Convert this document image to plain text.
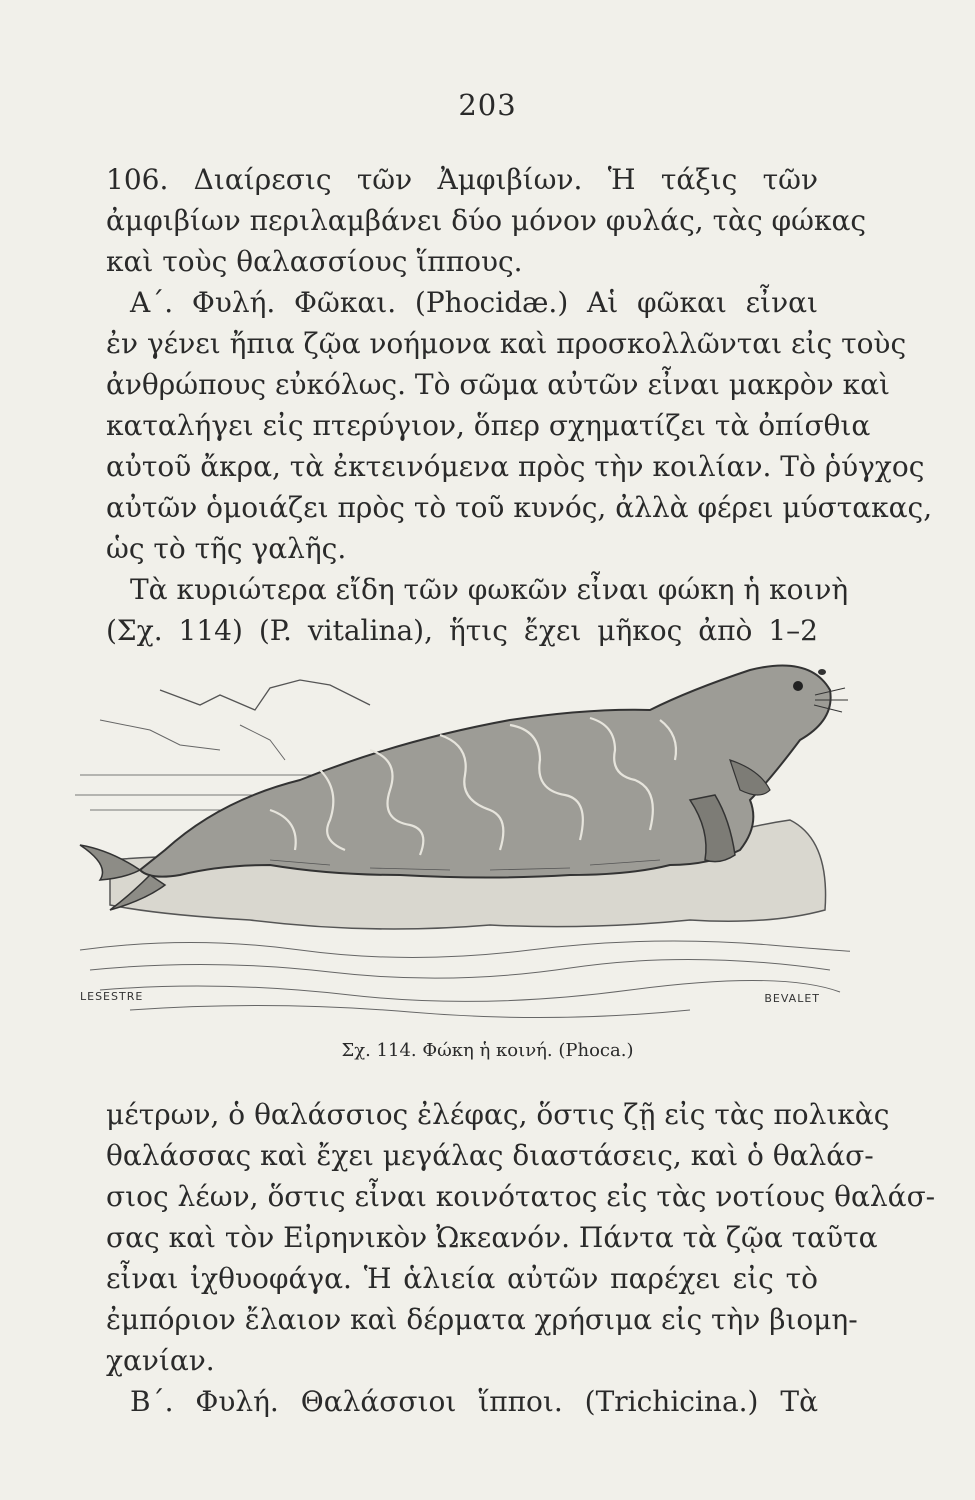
203
106. Διαίρεσις τῶν Ἀμφιβίων. Ἡ τάξις τῶν
ἀμφιβίων περιλαμβάνει δύο μόνον φυλάς, τὰς φώκας
καὶ τοὺς θαλασσίους ἵππους.
Α΄. Φυλή. Φῶκαι. (Phocidæ.) Αἱ φῶκαι εἶναι
ἐν γένει ἤπια ζῷα νοήμονα καὶ προσκολλῶνται εἰς τοὺς
ἀνθρώπους εὐκόλως. Τὸ σῶμα αὐτῶν εἶναι μακρὸν καὶ
καταλήγει εἰς πτερύγιον, ὅπερ σχηματίζει τὰ ὀπίσθια
αὐτοῦ ἄκρα, τὰ ἐκτεινόμενα πρὸς τὴν κοιλίαν. Τὸ ῥύγχος
αὐτῶν ὁμοιάζει πρὸς τὸ τοῦ κυνός, ἀλλὰ φέρει μύστακας,
ὡς τὸ τῆς γαλῆς.
Τὰ κυριώτερα εἴδη τῶν φωκῶν εἶναι φώκη ἡ κοινὴ
(Σχ. 114) (P. vitalina), ἥτις ἔχει μῆκος ἀπὸ 1–2
LESESTRE	BEVALET
Σχ. 114. Φώκη ἡ κοινή. (Phoca.)
μέτρων, ὁ θαλάσσιος ἐλέφας, ὅστις ζῇ εἰς τὰς πολικὰς
θαλάσσας καὶ ἔχει μεγάλας διαστάσεις, καὶ ὁ θαλάσ-
σιος λέων, ὅστις εἶναι κοινότατος εἰς τὰς νοτίους θαλάσ-
σας καὶ τὸν Εἰρηνικὸν Ὠκεανόν. Πάντα τὰ ζῷα ταῦτα
εἶναι ἰχθυοφάγα. Ἡ ἁλιεία αὐτῶν παρέχει εἰς τὸ
ἐμπόριον ἔλαιον καὶ δέρματα χρήσιμα εἰς τὴν βιομη-
χανίαν.
Β΄. Φυλή. Θαλάσσιοι ἵπποι. (Trichicina.) Τὰ
